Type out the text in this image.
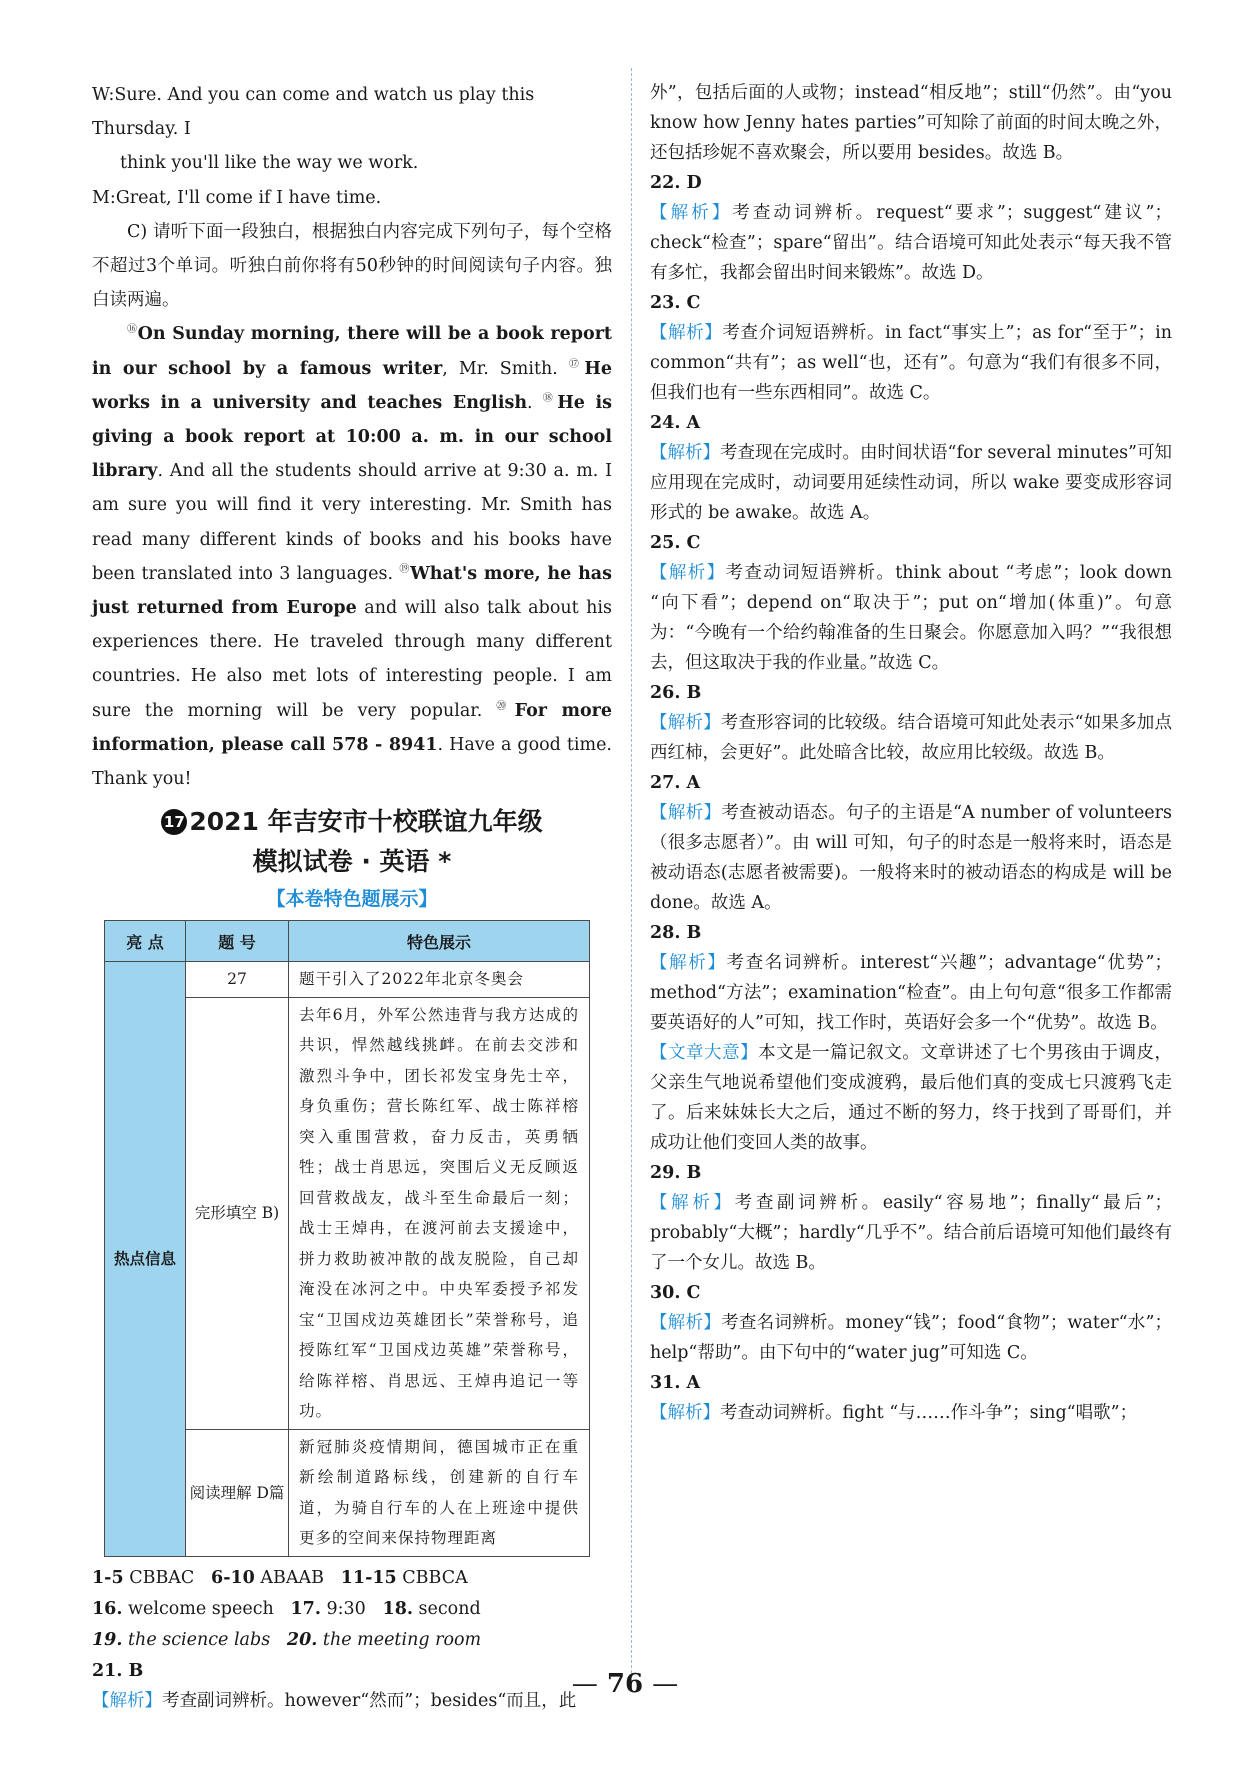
W:Sure. And you can come and watch us play this Thursday. I
think you'll like the way we work.

M:Great, I'll come if I have time.

C) 请听下面一段独白，根据独白内容完成下列句子，每个空格不超过3个单词。听独白前你将有50秒钟的时间阅读句子内容。独白读两遍。

⑯On Sunday morning, there will be a book report in our school by a famous writer, Mr. Smith. ⑰He works in a university and teaches English. ⑱He is giving a book report at 10:00 a. m. in our school library. And all the students should arrive at 9:30 a. m. I am sure you will find it very interesting. Mr. Smith has read many different kinds of books and his books have been translated into 3 languages. ⑲What's more, he has just returned from Europe and will also talk about his experiences there. He traveled through many different countries. He also met lots of interesting people. I am sure the morning will be very popular. ⑳For more information, please call 578 - 8941. Have a good time. Thank you!

17 2021 年吉安市十校联谊九年级
模拟试卷 · 英语 *
【本卷特色题展示】
亮 点	题 号	特色展示
热点信息	27	题干引入了2022年北京冬奥会
	完形填空 B)	去年6月，外军公然违背与我方达成的共识，悍然越线挑衅。在前去交涉和激烈斗争中，团长祁发宝身先士卒，身负重伤；营长陈红军、战士陈祥榕突入重围营救，奋力反击，英勇牺牲；战士肖思远，突围后义无反顾返回营救战友，战斗至生命最后一刻；战士王焯冉，在渡河前去支援途中，拼力救助被冲散的战友脱险，自己却淹没在冰河之中。中央军委授予祁发宝“卫国戍边英雄团长”荣誉称号，追授陈红军“卫国戍边英雄”荣誉称号，给陈祥榕、肖思远、王焯冉追记一等功。
	阅读理解 D篇	新冠肺炎疫情期间，德国城市正在重新绘制道路标线，创建新的自行车道，为骑自行车的人在上班途中提供更多的空间来保持物理距离

1-5 CBBAC 6-10 ABAAB 11-15 CBBCA

16. welcome speech 17. 9:30 18. second

19. the science labs 20. the meeting room

21. B

【解析】考查副词辨析。however“然而”；besides“而且，此

外”，包括后面的人或物；instead“相反地”；still“仍然”。由“you know how Jenny hates parties”可知除了前面的时间太晚之外，还包括珍妮不喜欢聚会，所以要用 besides。故选 B。

22. D

【解析】考查动词辨析。request“要求”；suggest“建议”；check“检查”；spare“留出”。结合语境可知此处表示“每天我不管有多忙，我都会留出时间来锻炼”。故选 D。

23. C

【解析】考查介词短语辨析。in fact“事实上”；as for“至于”；in common“共有”；as well“也，还有”。句意为“我们有很多不同，但我们也有一些东西相同”。故选 C。

24. A

【解析】考查现在完成时。由时间状语“for several minutes”可知应用现在完成时，动词要用延续性动词，所以 wake 要变成形容词形式的 be awake。故选 A。

25. C

【解析】考查动词短语辨析。think about “考虑”；look down “向下看”；depend on“取决于”；put on“增加(体重)”。句意为：“今晚有一个给约翰准备的生日聚会。你愿意加入吗？”“我很想去，但这取决于我的作业量。”故选 C。

26. B

【解析】考查形容词的比较级。结合语境可知此处表示“如果多加点西红柿，会更好”。此处暗含比较，故应用比较级。故选 B。

27. A

【解析】考查被动语态。句子的主语是“A number of volunteers（很多志愿者）”。由 will 可知，句子的时态是一般将来时，语态是被动语态(志愿者被需要)。一般将来时的被动语态的构成是 will be done。故选 A。

28. B

【解析】考查名词辨析。interest“兴趣”；advantage“优势”；method“方法”；examination“检查”。由上句句意“很多工作都需要英语好的人”可知，找工作时，英语好会多一个“优势”。故选 B。

【文章大意】本文是一篇记叙文。文章讲述了七个男孩由于调皮，父亲生气地说希望他们变成渡鸦，最后他们真的变成七只渡鸦飞走了。后来妹妹长大之后，通过不断的努力，终于找到了哥哥们，并成功让他们变回人类的故事。

29. B

【解析】考查副词辨析。easily“容易地”；finally“最后”；probably“大概”；hardly“几乎不”。结合前后语境可知他们最终有了一个女儿。故选 B。

30. C

【解析】考查名词辨析。money“钱”；food“食物”；water“水”；help“帮助”。由下句中的“water jug”可知选 C。

31. A

【解析】考查动词辨析。fight “与……作斗争”；sing“唱歌”；

— 76 —
